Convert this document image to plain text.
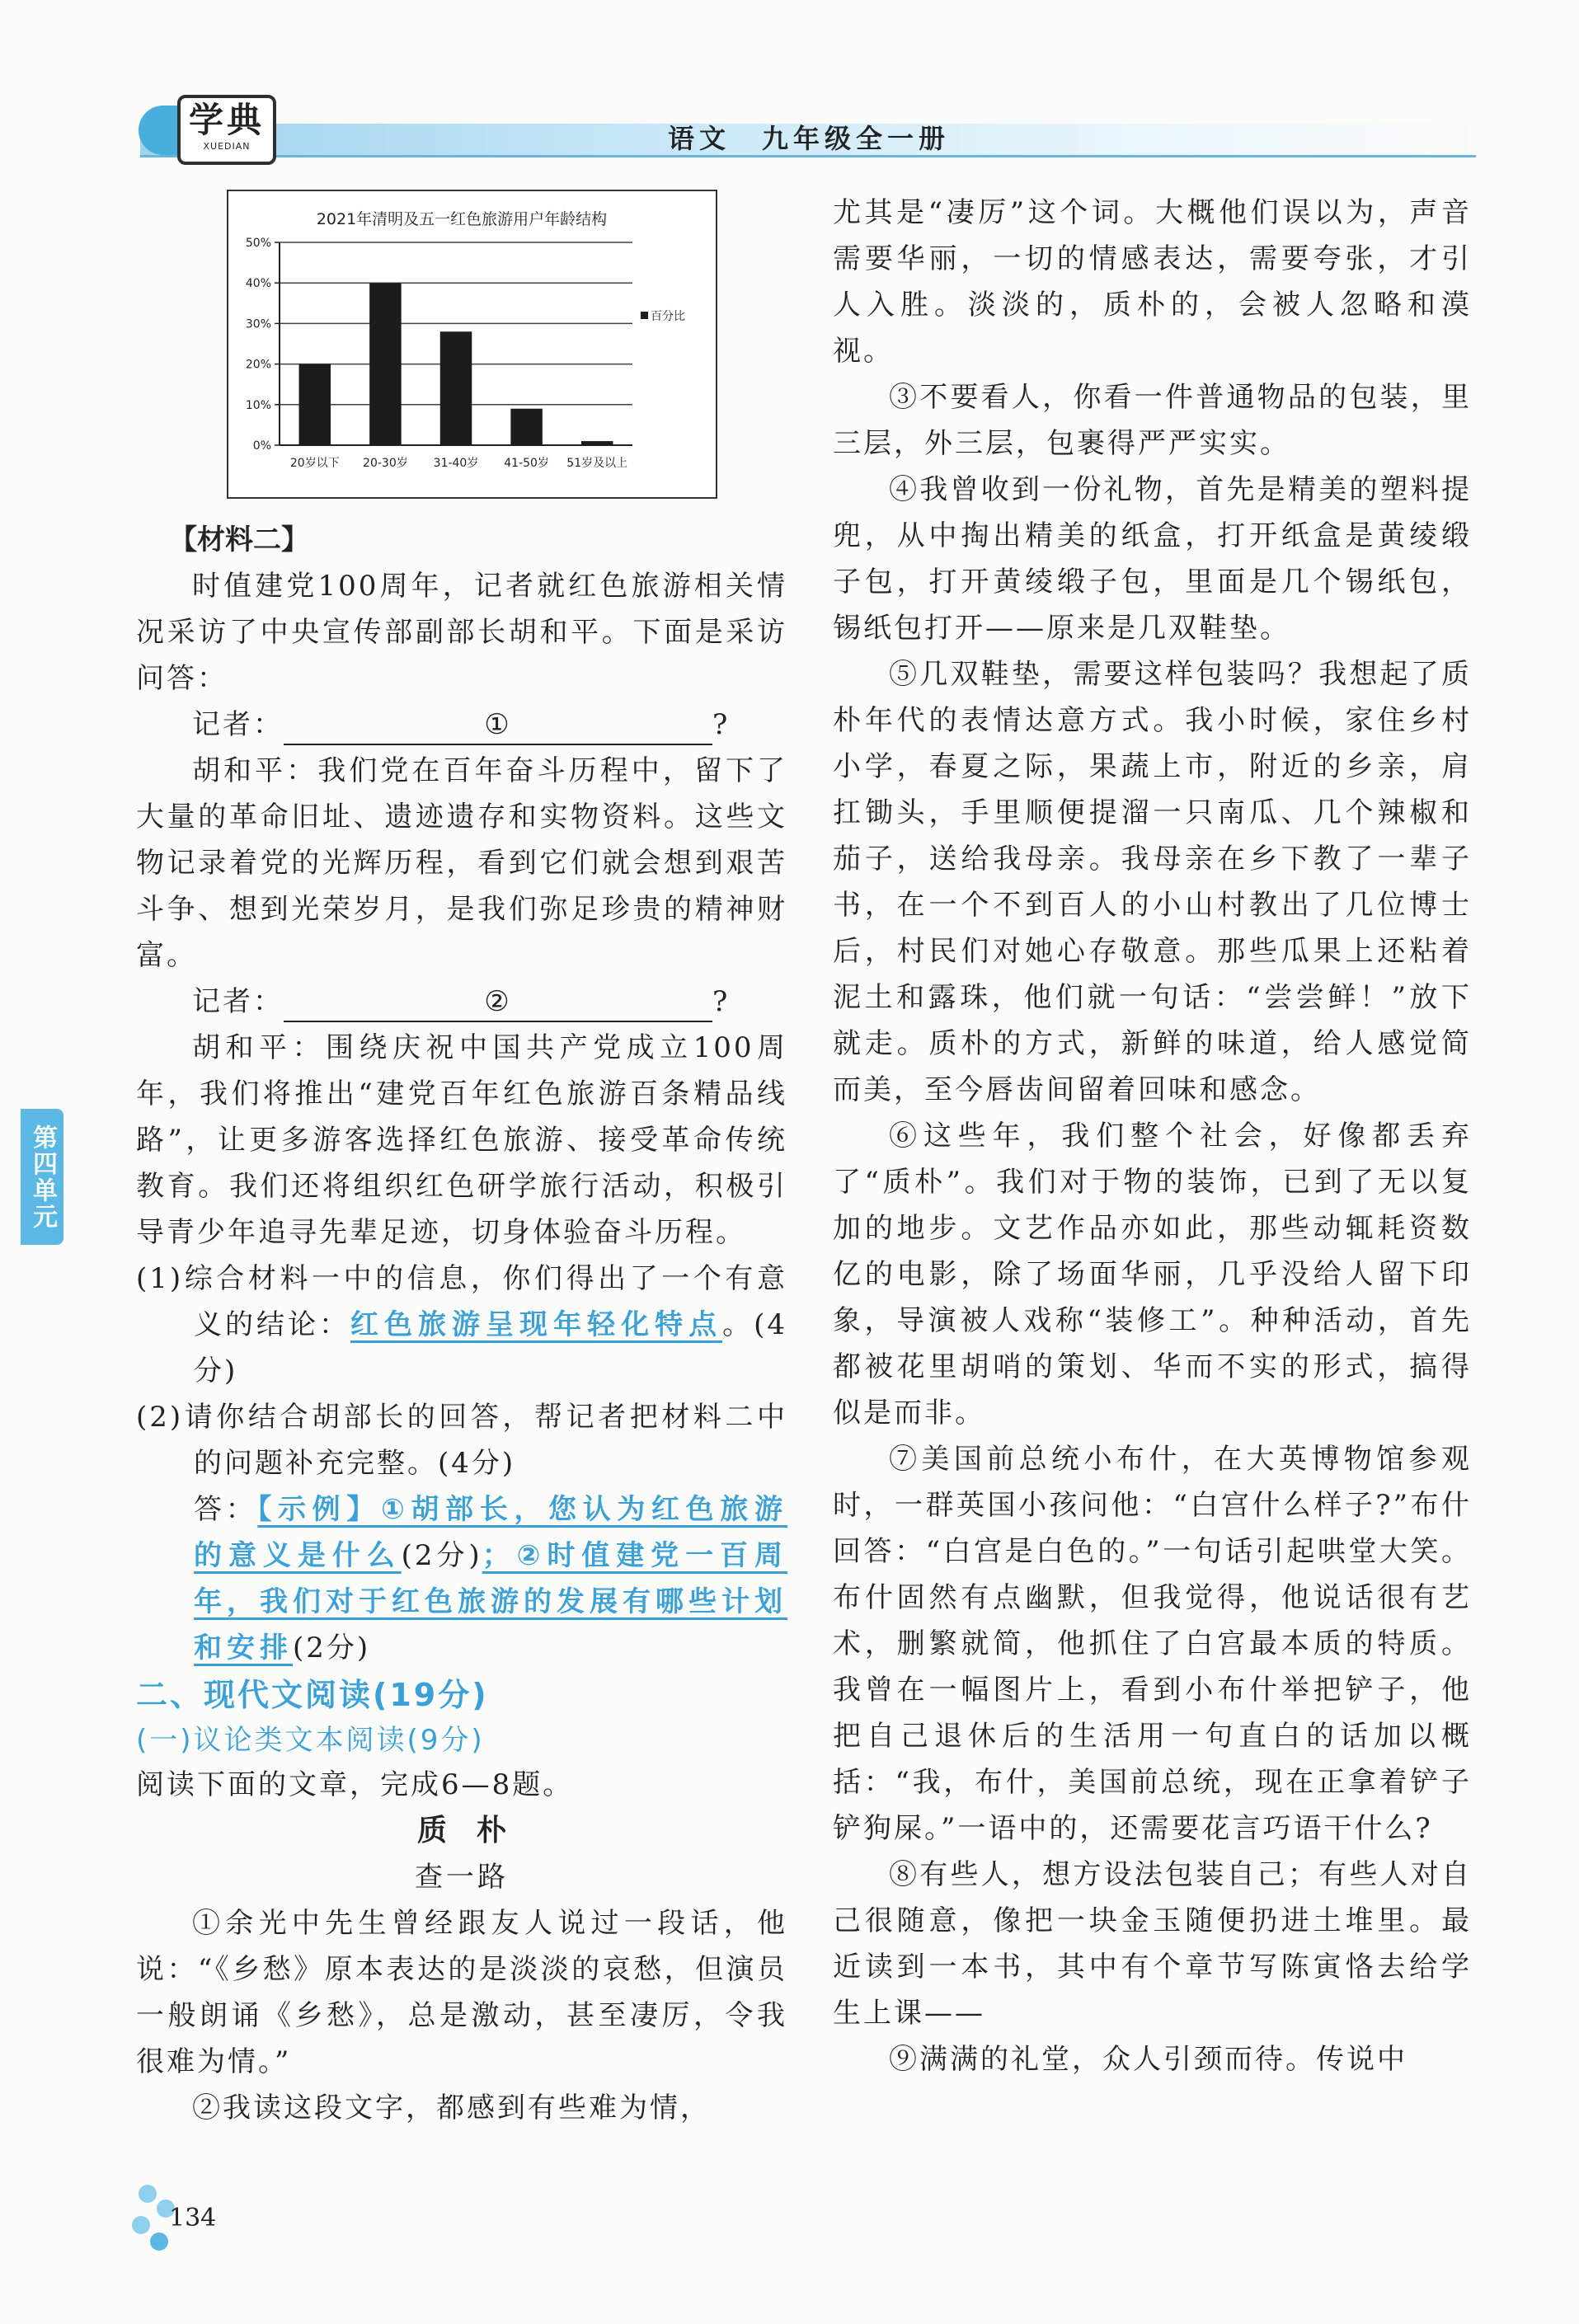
学典
XUEDIAN	语文　九年级全一册
第四单元
2021年清明及五一红色旅游用户年龄结构
0%
10%
20%
30%
40%
50%
20岁以下 20-30岁 31-40岁 41-50岁 51岁及以上
百分比
【材料二】

时值建党100周年，记者就红色旅游相关情况采访了中央宣传部副部长胡和平。下面是采访问答：

记者：	①	?

胡和平：我们党在百年奋斗历程中，留下了大量的革命旧址、遗迹遗存和实物资料。这些文物记录着党的光辉历程，看到它们就会想到艰苦斗争、想到光荣岁月，是我们弥足珍贵的精神财富。

记者：	②	?

胡和平：围绕庆祝中国共产党成立100周年，我们将推出“建党百年红色旅游百条精品线路”，让更多游客选择红色旅游、接受革命传统教育。我们还将组织红色研学旅行活动，积极引导青少年追寻先辈足迹，切身体验奋斗历程。

(1)综合材料一中的信息，你们得出了一个有意义的结论：红色旅游呈现年轻化特点。(4分)

(2)请你结合胡部长的回答，帮记者把材料二中的问题补充完整。(4分)

答：【示例】①胡部长，您认为红色旅游的意义是什么(2分)；②时值建党一百周年，我们对于红色旅游的发展有哪些计划和安排(2分)

二、现代文阅读(19分)
(一)议论类文本阅读(9分)

阅读下面的文章，完成6—8题。

质朴
查一路

①余光中先生曾经跟友人说过一段话，他说：“《乡愁》原本表达的是淡淡的哀愁，但演员一般朗诵《乡愁》，总是激动，甚至凄厉，令我很难为情。”

②我读这段文字，都感到有些难为情，

尤其是“凄厉”这个词。大概他们误以为，声音需要华丽，一切的情感表达，需要夸张，才引人入胜。淡淡的，质朴的，会被人忽略和漠视。

③不要看人，你看一件普通物品的包装，里三层，外三层，包裹得严严实实。

④我曾收到一份礼物，首先是精美的塑料提兜，从中掏出精美的纸盒，打开纸盒是黄绫缎子包，打开黄绫缎子包，里面是几个锡纸包，锡纸包打开——原来是几双鞋垫。

⑤几双鞋垫，需要这样包装吗？我想起了质朴年代的表情达意方式。我小时候，家住乡村小学，春夏之际，果蔬上市，附近的乡亲，肩扛锄头，手里顺便提溜一只南瓜、几个辣椒和茄子，送给我母亲。我母亲在乡下教了一辈子书，在一个不到百人的小山村教出了几位博士后，村民们对她心存敬意。那些瓜果上还粘着泥土和露珠，他们就一句话：“尝尝鲜！”放下就走。质朴的方式，新鲜的味道，给人感觉简而美，至今唇齿间留着回味和感念。

⑥这些年，我们整个社会，好像都丢弃了“质朴”。我们对于物的装饰，已到了无以复加的地步。文艺作品亦如此，那些动辄耗资数亿的电影，除了场面华丽，几乎没给人留下印象，导演被人戏称“装修工”。种种活动，首先都被花里胡哨的策划、华而不实的形式，搞得似是而非。

⑦美国前总统小布什，在大英博物馆参观时，一群英国小孩问他：“白宫什么样子?”布什回答：“白宫是白色的。”一句话引起哄堂大笑。布什固然有点幽默，但我觉得，他说话很有艺术，删繁就简，他抓住了白宫最本质的特质。我曾在一幅图片上，看到小布什举把铲子，他把自己退休后的生活用一句直白的话加以概括：“我，布什，美国前总统，现在正拿着铲子铲狗屎。”一语中的，还需要花言巧语干什么?

⑧有些人，想方设法包装自己；有些人对自己很随意，像把一块金玉随便扔进土堆里。最近读到一本书，其中有个章节写陈寅恪去给学生上课——

⑨满满的礼堂，众人引颈而待。传说中

134
